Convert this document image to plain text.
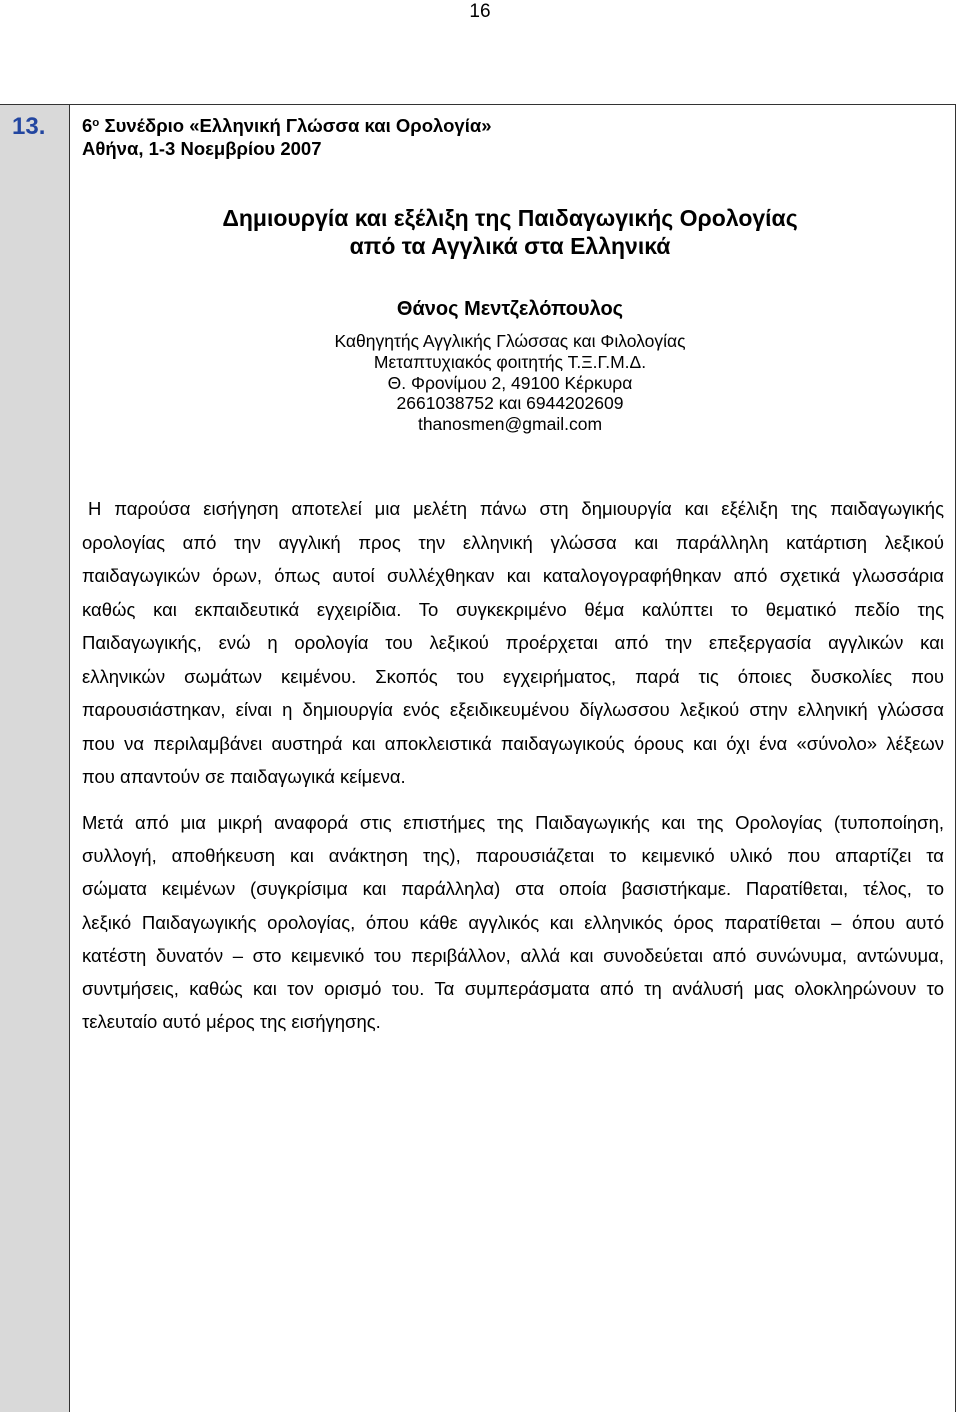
16
13. $6^o$ Συνέδριο «Ελληνική Γλώσσα και Ορολογία»
Αθήνα, 1-3 Νοεμβρίου 2007
Δημιουργία και εξέλιξη της Παιδαγωγικής Ορολογίας
από τα Αγγλικά στα Ελληνικά
Θάνος Μεντζελόπουλος
Καθηγητής Αγγλικής Γλώσσας και Φιλολογίας
Μεταπτυχιακός φοιτητής Τ.Ξ.Γ.Μ.Δ.
Θ. Φρονίμου 2, 49100 Κέρκυρα
2661038752 και 6944202609
thanosmen@gmail.com
Η παρούσα εισήγηση αποτελεί μια μελέτη πάνω στη δημιουργία και εξέλιξη της παιδαγωγικής
ορολογίας από την αγγλική προς την ελληνική γλώσσα και παράλληλη κατάρτιση λεξικού
παιδαγωγικών όρων, όπως αυτοί συλλέχθηκαν και καταλογογραφήθηκαν από σχετικά γλωσσάρια
καθώς και εκπαιδευτικά εγχειρίδια. Το συγκεκριμένο θέμα καλύπτει το θεματικό πεδίο της
Παιδαγωγικής, ενώ η ορολογία του λεξικού προέρχεται από την επεξεργασία αγγλικών και
ελληνικών σωμάτων κειμένου. Σκοπός του εγχειρήματος, παρά τις όποιες δυσκολίες που
παρουσιάστηκαν, είναι η δημιουργία ενός εξειδικευμένου δίγλωσσου λεξικού στην ελληνική γλώσσα
που να περιλαμβάνει αυστηρά και αποκλειστικά παιδαγωγικούς όρους και όχι ένα «σύνολο» λέξεων
που απαντούν σε παιδαγωγικά κείμενα.
Μετά από μια μικρή αναφορά στις επιστήμες της Παιδαγωγικής και της Ορολογίας (τυποποίηση,
συλλογή, αποθήκευση και ανάκτηση της), παρουσιάζεται το κειμενικό υλικό που απαρτίζει τα
σώματα κειμένων (συγκρίσιμα και παράλληλα) στα οποία βασιστήκαμε. Παρατίθεται, τέλος, το
λεξικό Παιδαγωγικής ορολογίας, όπου κάθε αγγλικός και ελληνικός όρος παρατίθεται – όπου αυτό
κατέστη δυνατόν – στο κειμενικό του περιβάλλον, αλλά και συνοδεύεται από συνώνυμα, αντώνυμα,
συντμήσεις, καθώς και τον ορισμό του. Τα συμπεράσματα από τη ανάλυσή μας ολοκληρώνουν το
τελευταίο αυτό μέρος της εισήγησης.
